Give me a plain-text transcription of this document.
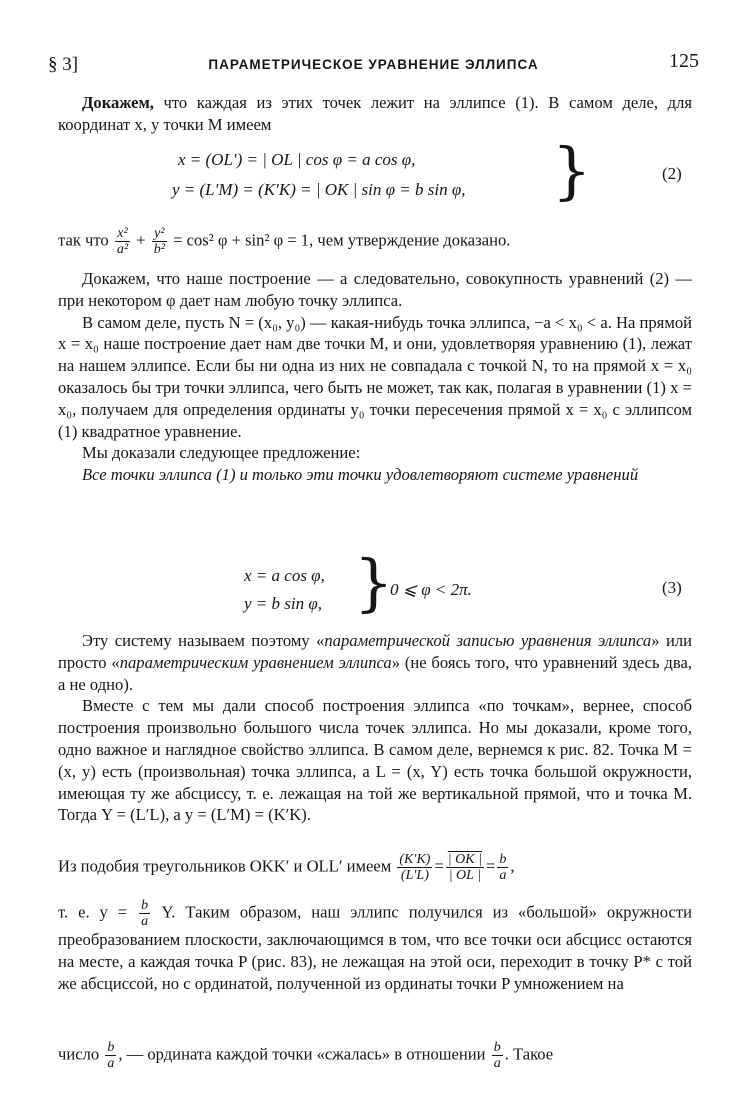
§ 3]	ПАРАМЕТРИЧЕСКОЕ УРАВНЕНИЕ ЭЛЛИПСА	125

Докажем, что каждая из этих точек лежит на эллипсе (1). В самом деле, для координат x, y точки M имеем

x = (OL′) = | OL | cos φ = a cos φ,
y = (L′M) = (K′K) = | OK | sin φ = b sin φ, }	(2)
так что $\frac{\text{x²}}{\text{a²}} + \frac{\text{y²}}{\text{b²}} = \cos^2$ φ + sin² φ = 1, чем утверждение доказано.

Докажем, что наше построение — а следовательно, совокупность уравнений (2) — при некотором φ дает нам любую точку эллипса.

В самом деле, пусть N = (x₀, y₀) — какая-нибудь точка эллипса, −a < x₀ < a. На прямой x = x₀ наше построение дает нам две точки M, и они, удовлетворяя уравнению (1), лежат на нашем эллипсе. Если бы ни одна из них не совпадала с точкой N, то на прямой x = x₀ оказалось бы три точки эллипса, чего быть не может, так как, полагая в уравнении (1) x = x₀, получаем для определения ординаты y₀ точки пересечения прямой x = x₀ с эллипсом (1) квадратное уравнение.

Мы доказали следующее предложение:

Все точки эллипса (1) и только эти точки удовлетворяют системе уравнений

x = a cos φ,
y = b sin φ, }
0 ⩽ φ < 2π.	(3)

Эту систему называем поэтому «параметрической записью уравнения эллипса» или просто «параметрическим уравнением эллипса» (не боясь того, что уравнений здесь два, а не одно).

Вместе с тем мы дали способ построения эллипса «по точкам», вернее, способ построения произвольно большого числа точек эллипса. Но мы доказали, кроме того, одно важное и наглядное свойство эллипса. В самом деле, вернемся к рис. 82. Точка M = (x, y) есть (произвольная) точка эллипса, а L = (x, Y) есть точка большой окружности, имеющая ту же абсциссу, т. е. лежащая на той же вертикальной прямой, что и точка M. Тогда Y = (L′L), а y = (L′M) = (K′K).

Из подобия треугольников OKK′ и OLL′ имеем $\frac{(K'K)}{(L'L)} = \frac{| OK |}{| OL |} = \frac{b}{a}$ ,
т. е. $y = \frac{b}{a} Y$. Таким образом, наш эллипс получился из «большой» окружности преобразованием плоскости, заключающимся в том, что все точки оси абсцисс остаются на месте, а каждая точка P (рис. 83), не лежащая на этой оси, переходит в точку P* с той же абсциссой, но с ординатой, полученной из ординаты точки P умножением на
число $\frac{b}{a}$ , — ордината каждой точки «сжалась» в отношении $\frac{b}{a}$ . Такое
